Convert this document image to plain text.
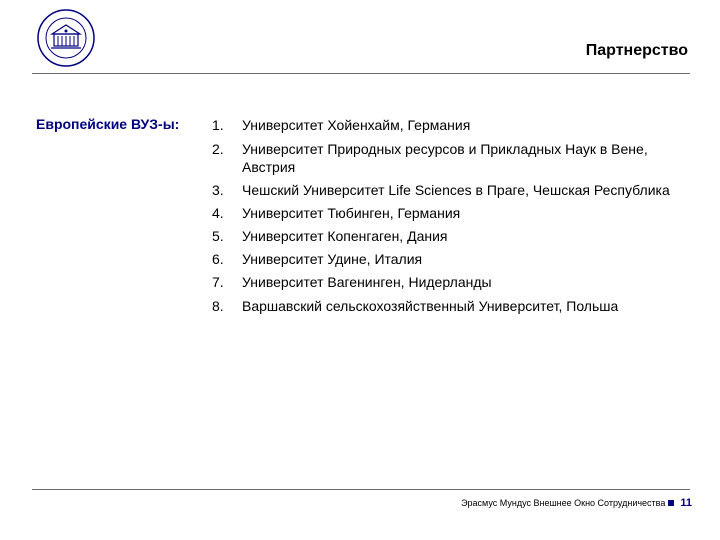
Партнерство
Европейские ВУЗ-ы: 1.	Университет Хойенхайм, Германия
2.	Университет Природных ресурсов и Прикладных Наук в Вене, Австрия
3.	Чешский Университет Life Sciences в Праге, Чешская Республика
4.	Университет Тюбинген, Германия
5.	Университет Копенгаген, Дания
6.	Университет Удине, Италия
7.	Университет Вагенинген, Нидерланды
8.	Варшавский сельскохозяйственный Университет, Польша
Эрасмус Мундус Внешнее Окно Сотрудничества 11
